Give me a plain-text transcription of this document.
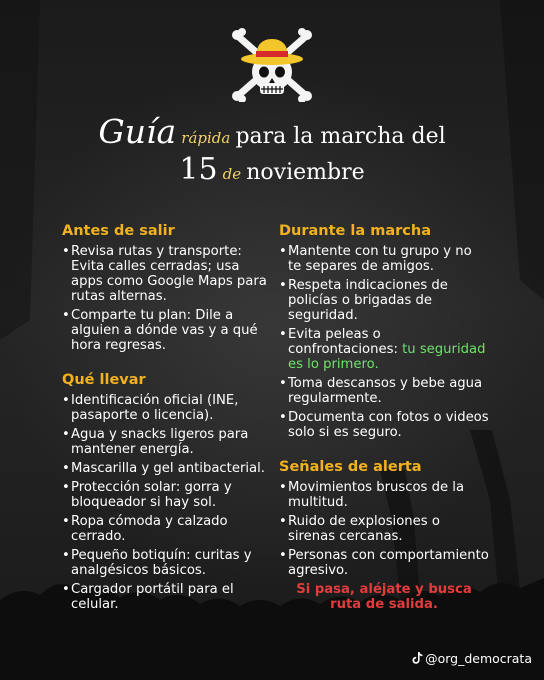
Guía rápida para la marcha del
15 de noviembre
Antes de salir
• Revisa rutas y transporte: Evita calles cerradas; usa apps como Google Maps para rutas alternas.
• Comparte tu plan: Dile a alguien a dónde vas y a qué hora regresas.
Qué llevar
• Identificación oficial (INE, pasaporte o licencia).
• Agua y snacks ligeros para mantener energía.
• Mascarilla y gel antibacterial.
• Protección solar: gorra y bloqueador si hay sol.
• Ropa cómoda y calzado cerrado.
• Pequeño botiquín: curitas y analgésicos básicos.
• Cargador portátil para el celular.
Durante la marcha
• Mantente con tu grupo y no te separes de amigos.
• Respeta indicaciones de policías o brigadas de seguridad.
• Evita peleas o confrontaciones: tu seguridad es lo primero.
• Toma descansos y bebe agua regularmente.
• Documenta con fotos o videos solo si es seguro.
Señales de alerta
• Movimientos bruscos de la multitud.
• Ruido de explosiones o sirenas cercanas.
• Personas con comportamiento agresivo.
Si pasa, aléjate y busca ruta de salida.
@org_democrata
